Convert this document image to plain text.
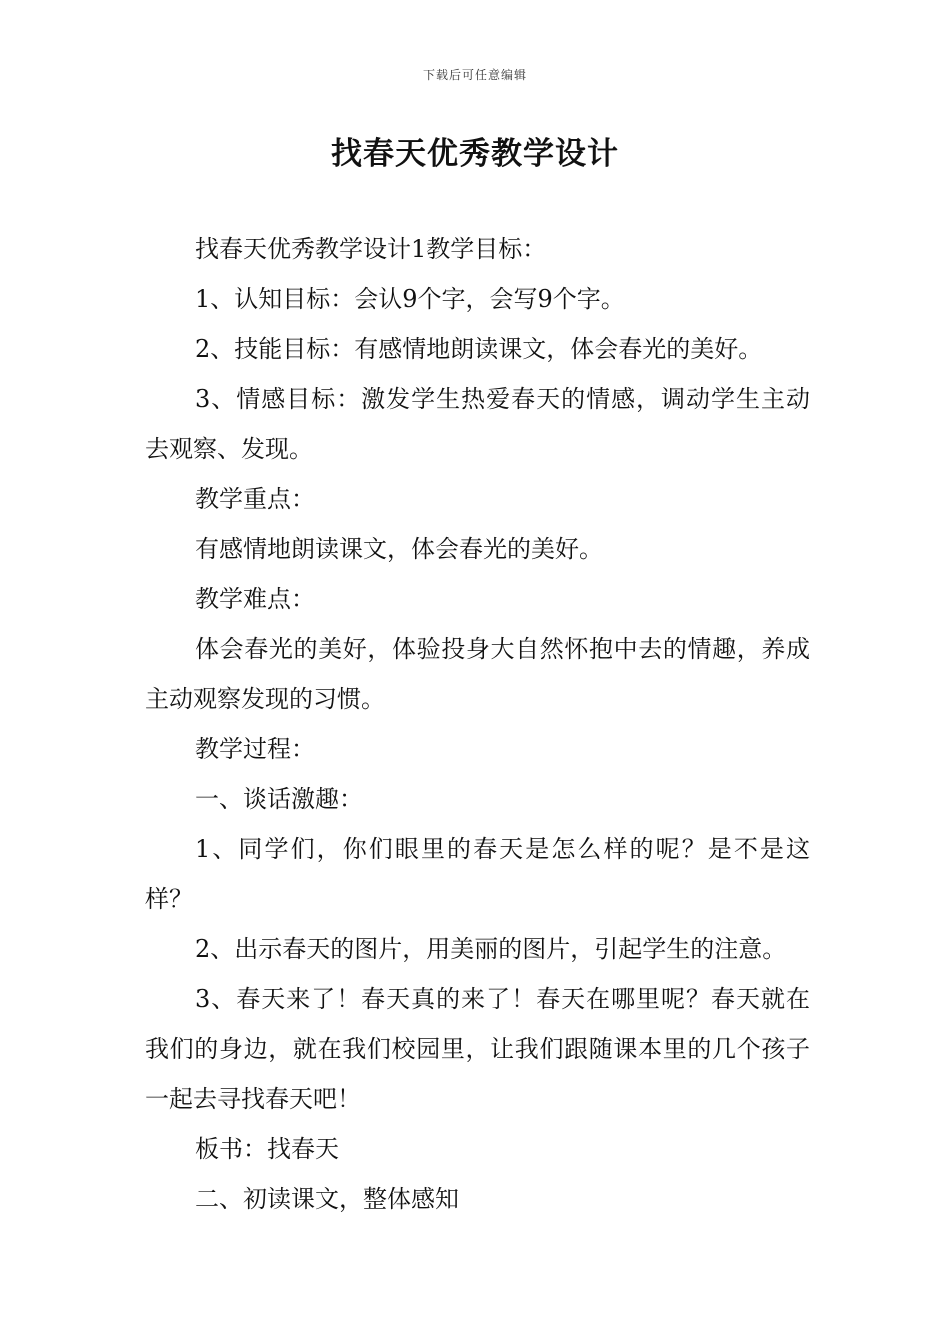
下载后可任意编辑
找春天优秀教学设计

找春天优秀教学设计1教学目标：

1、认知目标：会认9个字，会写9个字。

2、技能目标：有感情地朗读课文，体会春光的美好。

3、情感目标：激发学生热爱春天的情感，调动学生主动去观察、发现。

教学重点：

有感情地朗读课文，体会春光的美好。

教学难点：

体会春光的美好，体验投身大自然怀抱中去的情趣，养成主动观察发现的习惯。

教学过程：

一、谈话激趣：

1、同学们，你们眼里的春天是怎么样的呢？是不是这样？

2、出示春天的图片，用美丽的图片，引起学生的注意。

3、春天来了！春天真的来了！春天在哪里呢？春天就在我们的身边，就在我们校园里，让我们跟随课本里的几个孩子一起去寻找春天吧！

板书：找春天

二、初读课文，整体感知
